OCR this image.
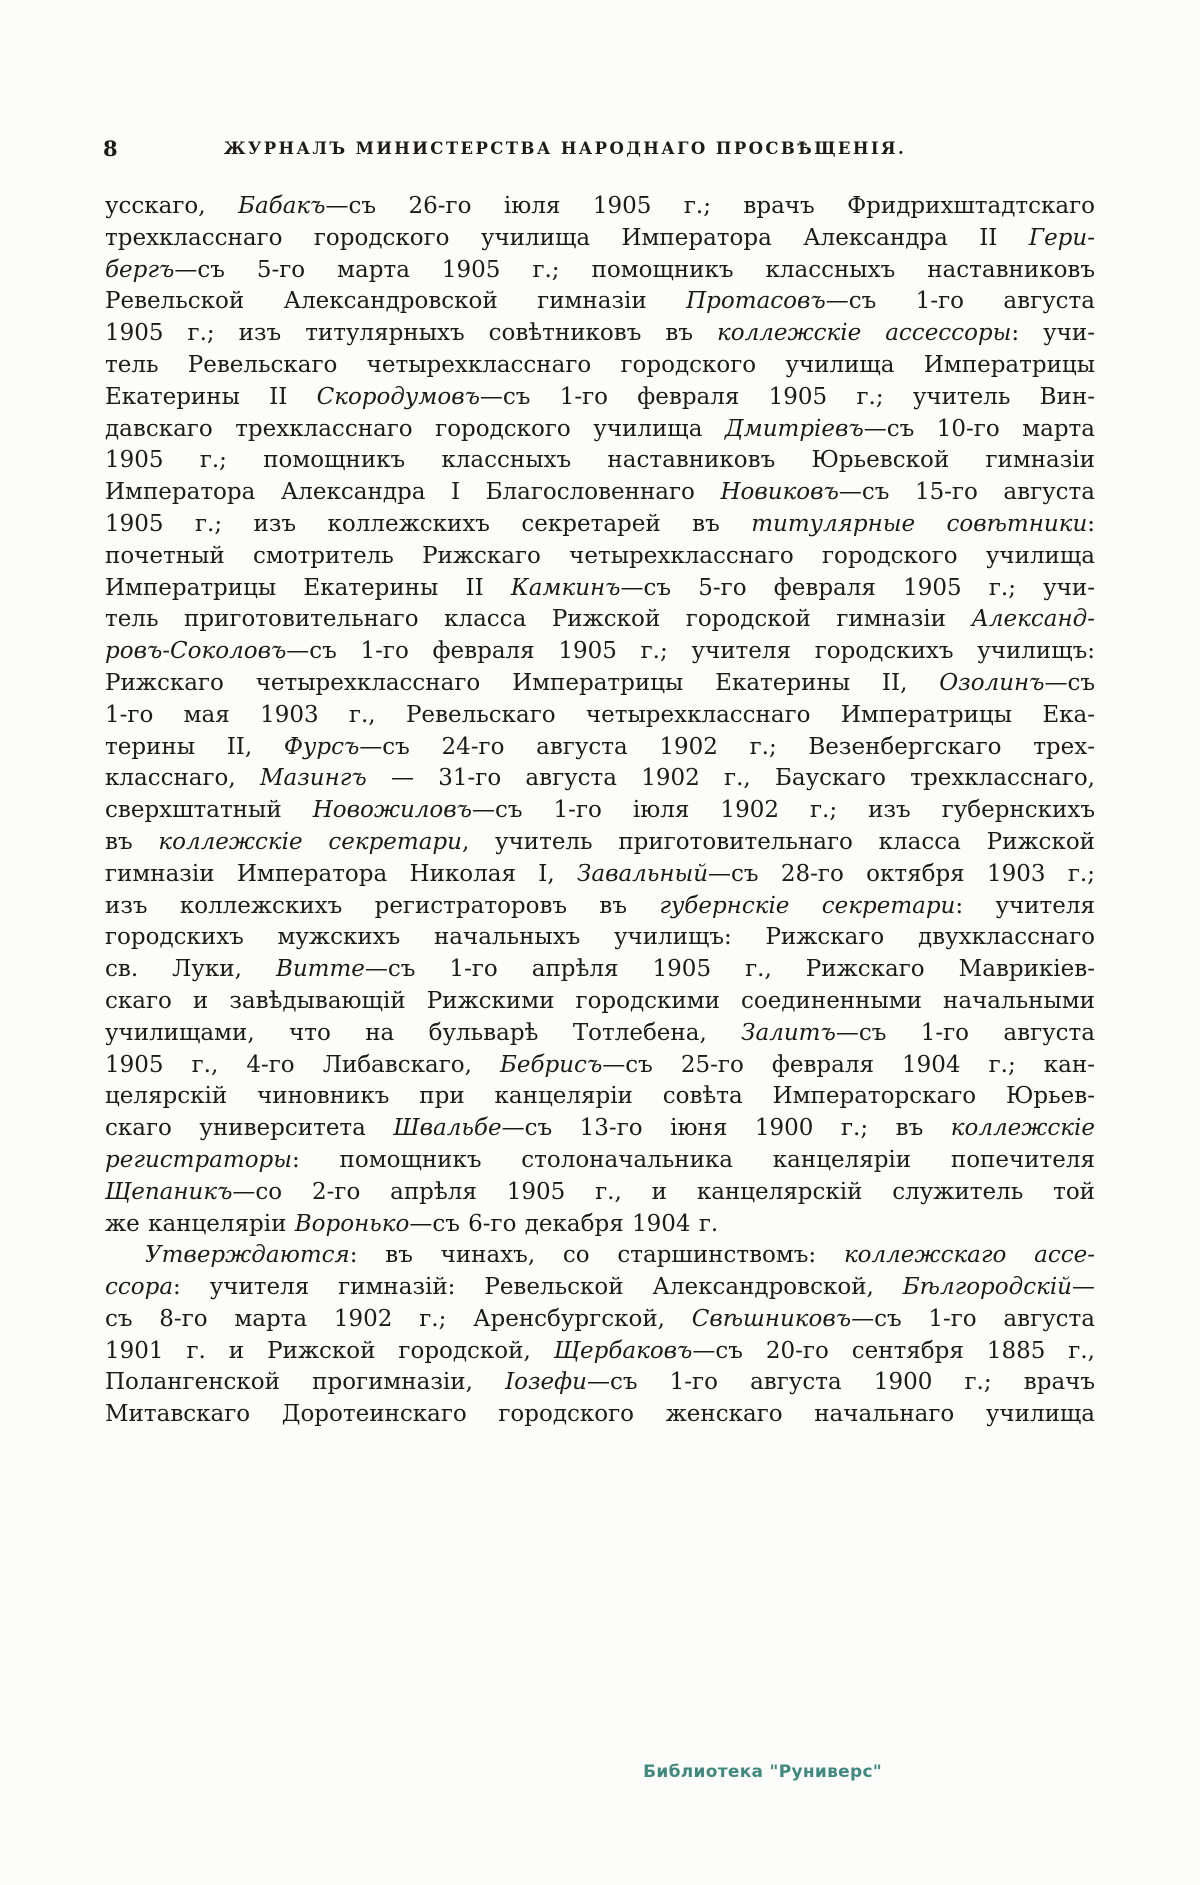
8	ЖУРНАЛЪ МИНИСТЕРСТВА НАРОДНАГО ПРОСВѢЩЕНІЯ.
усскаго, Бабакъ—съ 26-го іюля 1905 г.; врачъ Фридрихштадтскаго
трехкласснаго городского училища Императора Александра II Гери-
бергъ—съ 5-го марта 1905 г.; помощникъ классныхъ наставниковъ
Ревельской Александровской гимназіи Протасовъ—съ 1-го августа
1905 г.; изъ титулярныхъ совѣтниковъ въ коллежскіе ассессоры: учи-
тель Ревельскаго четырехкласснаго городского училища Императрицы
Екатерины II Скородумовъ—съ 1-го февраля 1905 г.; учитель Вин-
давскаго трехкласснаго городского училища Дмитріевъ—съ 10-го марта
1905 г.; помощникъ классныхъ наставниковъ Юрьевской гимназіи
Императора Александра I Благословеннаго Новиковъ—съ 15-го августа
1905 г.; изъ коллежскихъ секретарей въ титулярные совѣтники:
почетный смотритель Рижскаго четырехкласснаго городского училища
Императрицы Екатерины II Камкинъ—съ 5-го февраля 1905 г.; учи-
тель приготовительнаго класса Рижской городской гимназіи Александ-
ровъ-Соколовъ—съ 1-го февраля 1905 г.; учителя городскихъ училищъ:
Рижскаго четырехкласснаго Императрицы Екатерины II, Озолинъ—съ
1-го мая 1903 г., Ревельскаго четырехкласснаго Императрицы Ека-
терины II, Фурсъ—съ 24-го августа 1902 г.; Везенбергскаго трех-
класснаго, Мазингъ — 31-го августа 1902 г., Баускаго трехкласснаго,
сверхштатный Новожиловъ—съ 1-го іюля 1902 г.; изъ губернскихъ
въ коллежскіе секретари, учитель приготовительнаго класса Рижской
гимназіи Императора Николая I, Завальный—съ 28-го октября 1903 г.;
изъ коллежскихъ регистраторовъ въ губернскіе секретари: учителя
городскихъ мужскихъ начальныхъ училищъ: Рижскаго двухкласснаго
св. Луки, Витте—съ 1-го апрѣля 1905 г., Рижскаго Маврикіев-
скаго и завѣдывающій Рижскими городскими соединенными начальными
училищами, что на бульварѣ Тотлебена, Залитъ—съ 1-го августа
1905 г., 4-го Либавскаго, Бебрисъ—съ 25-го февраля 1904 г.; кан-
целярскій чиновникъ при канцеляріи совѣта Императорскаго Юрьев-
скаго университета Швальбе—съ 13-го іюня 1900 г.; въ коллежскіе
регистраторы: помощникъ столоначальника канцеляріи попечителя
Щепаникъ—со 2-го апрѣля 1905 г., и канцелярскій служитель той
же канцеляріи Воронько—съ 6-го декабря 1904 г.
Утверждаются: въ чинахъ, со старшинствомъ: коллежскаго ассе-
ссора: учителя гимназій: Ревельской Александровской, Бѣлгородскій—
съ 8-го марта 1902 г.; Аренсбургской, Свѣшниковъ—съ 1-го августа
1901 г. и Рижской городской, Щербаковъ—съ 20-го сентября 1885 г.,
Полангенской прогимназіи, Іозефи—съ 1-го августа 1900 г.; врачъ
Митавскаго Доротеинскаго городского женскаго начальнаго училища
Библиотека "Руниверс"
